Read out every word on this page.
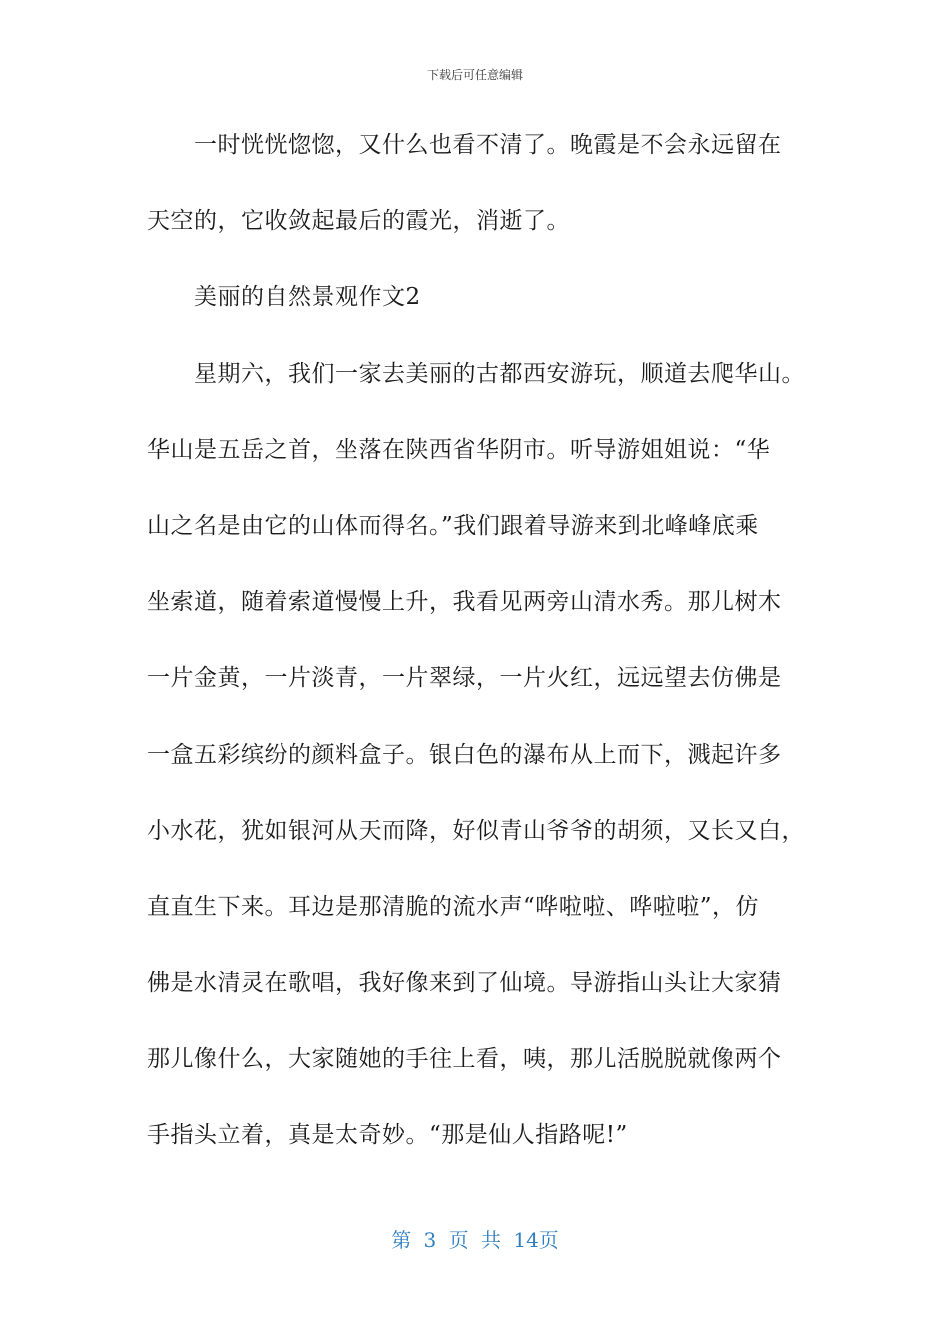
下载后可任意编辑
一时恍恍惚惚，又什么也看不清了。晚霞是不会永远留在
天空的，它收敛起最后的霞光，消逝了。
美丽的自然景观作文2
星期六，我们一家去美丽的古都西安游玩，顺道去爬华山。
华山是五岳之首，坐落在陕西省华阴市。听导游姐姐说：“华
山之名是由它的山体而得名。”我们跟着导游来到北峰峰底乘
坐索道，随着索道慢慢上升，我看见两旁山清水秀。那儿树木
一片金黄，一片淡青，一片翠绿，一片火红，远远望去仿佛是
一盒五彩缤纷的颜料盒子。银白色的瀑布从上而下，溅起许多
小水花，犹如银河从天而降，好似青山爷爷的胡须，又长又白，
直直生下来。耳边是那清脆的流水声“哗啦啦、哗啦啦”，仿
佛是水清灵在歌唱，我好像来到了仙境。导游指山头让大家猜
那儿像什么，大家随她的手往上看，咦，那儿活脱脱就像两个
手指头立着，真是太奇妙。“那是仙人指路呢!”
第 3 页 共 14页
